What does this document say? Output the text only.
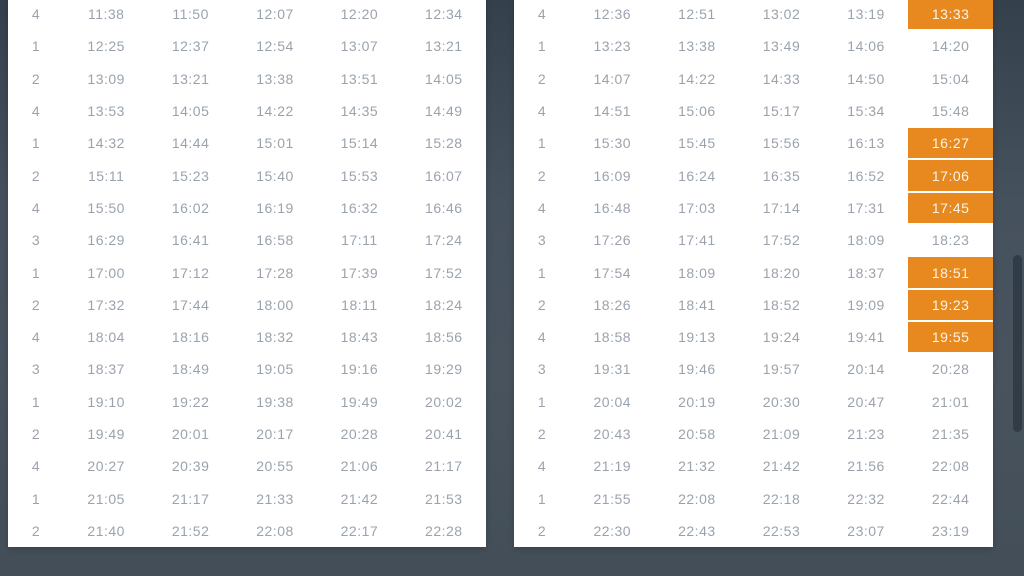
4	11:38	11:50	12:07	12:20	12:34
1	12:25	12:37	12:54	13:07	13:21
2	13:09	13:21	13:38	13:51	14:05
4	13:53	14:05	14:22	14:35	14:49
1	14:32	14:44	15:01	15:14	15:28
2	15:11	15:23	15:40	15:53	16:07
4	15:50	16:02	16:19	16:32	16:46
3	16:29	16:41	16:58	17:11	17:24
1	17:00	17:12	17:28	17:39	17:52
2	17:32	17:44	18:00	18:11	18:24
4	18:04	18:16	18:32	18:43	18:56
3	18:37	18:49	19:05	19:16	19:29
1	19:10	19:22	19:38	19:49	20:02
2	19:49	20:01	20:17	20:28	20:41
4	20:27	20:39	20:55	21:06	21:17
1	21:05	21:17	21:33	21:42	21:53
2	21:40	21:52	22:08	22:17	22:28
4	12:36	12:51	13:02	13:19	13:33
1	13:23	13:38	13:49	14:06	14:20
2	14:07	14:22	14:33	14:50	15:04
4	14:51	15:06	15:17	15:34	15:48
1	15:30	15:45	15:56	16:13	16:27
2	16:09	16:24	16:35	16:52	17:06
4	16:48	17:03	17:14	17:31	17:45
3	17:26	17:41	17:52	18:09	18:23
1	17:54	18:09	18:20	18:37	18:51
2	18:26	18:41	18:52	19:09	19:23
4	18:58	19:13	19:24	19:41	19:55
3	19:31	19:46	19:57	20:14	20:28
1	20:04	20:19	20:30	20:47	21:01
2	20:43	20:58	21:09	21:23	21:35
4	21:19	21:32	21:42	21:56	22:08
1	21:55	22:08	22:18	22:32	22:44
2	22:30	22:43	22:53	23:07	23:19
